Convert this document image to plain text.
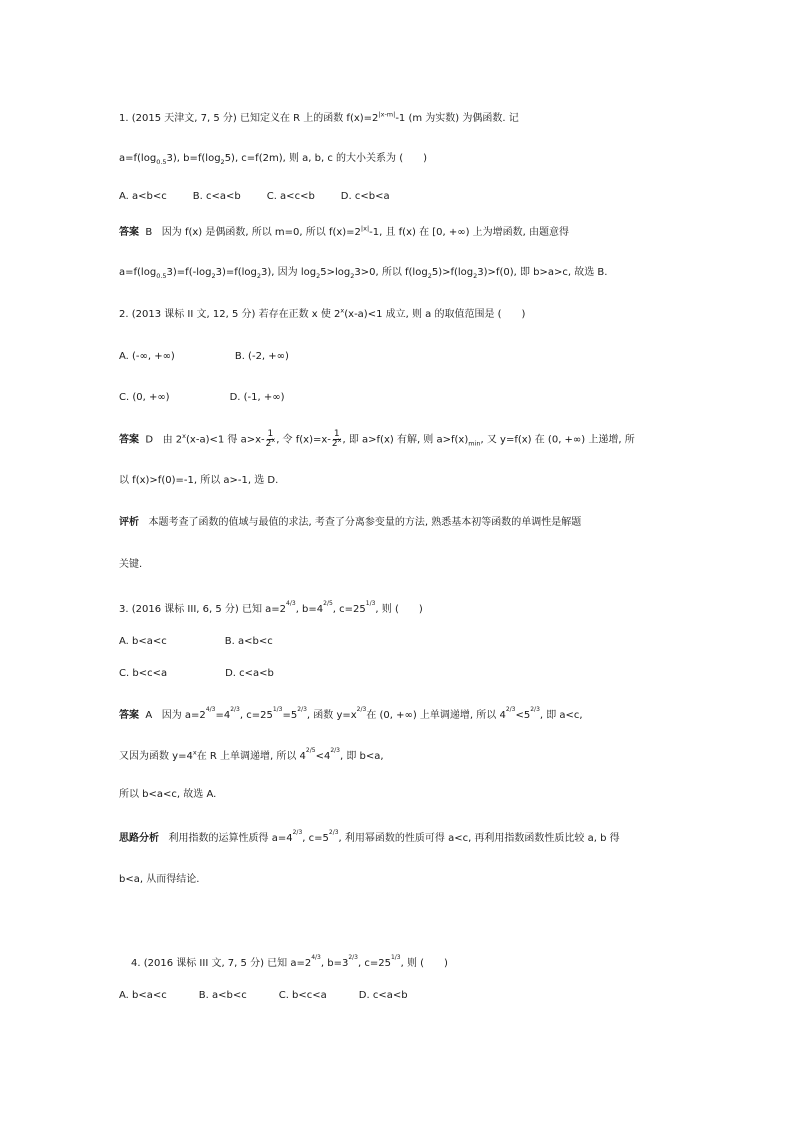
1. (2015 天津文, 7, 5 分) 已知定义在 R 上的函数 $f(x)=2^{|x-m|}-1$ (m 为实数) 为偶函数. 记
$a=f(\log_{0.5}3)$, $b=f(\log_25)$, c=f(2m), 则 a, b, c 的大小关系为 (　　)
A. a<b<c	B. c<a<b	C. a<c<b	D. c<b<a
答案 B 因为 f(x) 是偶函数, 所以 m=0, 所以 $f(x)=2^{|x|}-1$, 且 f(x) 在 [0, +∞) 上为增函数, 由题意得
$a=f(\log_{0.5}3)=f(-\log_23)=f(\log_23)$, 因为 $\log_25>\log_23>0$, 所以 $f(\log_25)>f(\log_23)>f(0)$, 即 b>a>c, 故选 B.
2. (2013 课标 II 文, 12, 5 分) 若存在正数 x 使 $2^x(x-a)<1$ 成立, 则 a 的取值范围是 (　　)
A. (-∞, +∞)	B. (-2, +∞)
C. (0, +∞)	D. (-1, +∞)
答案 D 由 $2^x(x-a)<1$ 得 $a>x- \frac{1}{2^x}$ , 令 $f(x)=x- \frac{1}{2^x}$ , 即 a>f(x) 有解, 则 $a>f(x)_{min}$, 又 y=f(x) 在 (0, +∞) 上递增, 所
以 f(x)>f(0)=-1, 所以 a>-1, 选 D.
评析 本题考查了函数的值域与最值的求法, 考查了分离参变量的方法, 熟悉基本初等函数的单调性是解题
关键.
3. (2016 课标 III, 6, 5 分) 已知 $a=2^{4/3}$, $b=4^{2/5}$, $c=25^{1/3}$, 则 (　　)
A. b<a<c	B. a<b<c
C. b<c<a	D. c<a<b
答案 A 因为 $a=2^{4/3}=4^{2/3}$, $c=25^{1/3}=5^{2/3}$, 函数 $y=x^{2/3}$在 (0, +∞) 上单调递增, 所以 $4^{2/3}<5^{2/3}$, 即 a<c,
又因为函数 $y=4^x$在 R 上单调递增, 所以 $4^{2/5}<4^{2/3}$, 即 b<a,
所以 b<a<c, 故选 A.
思路分析 利用指数的运算性质得 $a=4^{2/3}$, $c=5^{2/3}$, 利用幂函数的性质可得 a<c, 再利用指数函数性质比较 a, b 得
b<a, 从而得结论.
4. (2016 课标 III 文, 7, 5 分) 已知 $a=2^{4/3}$, $b=3^{2/3}$, $c=25^{1/3}$, 则 (　　)
A. b<a<c	B. a<b<c	C. b<c<a	D. c<a<b
